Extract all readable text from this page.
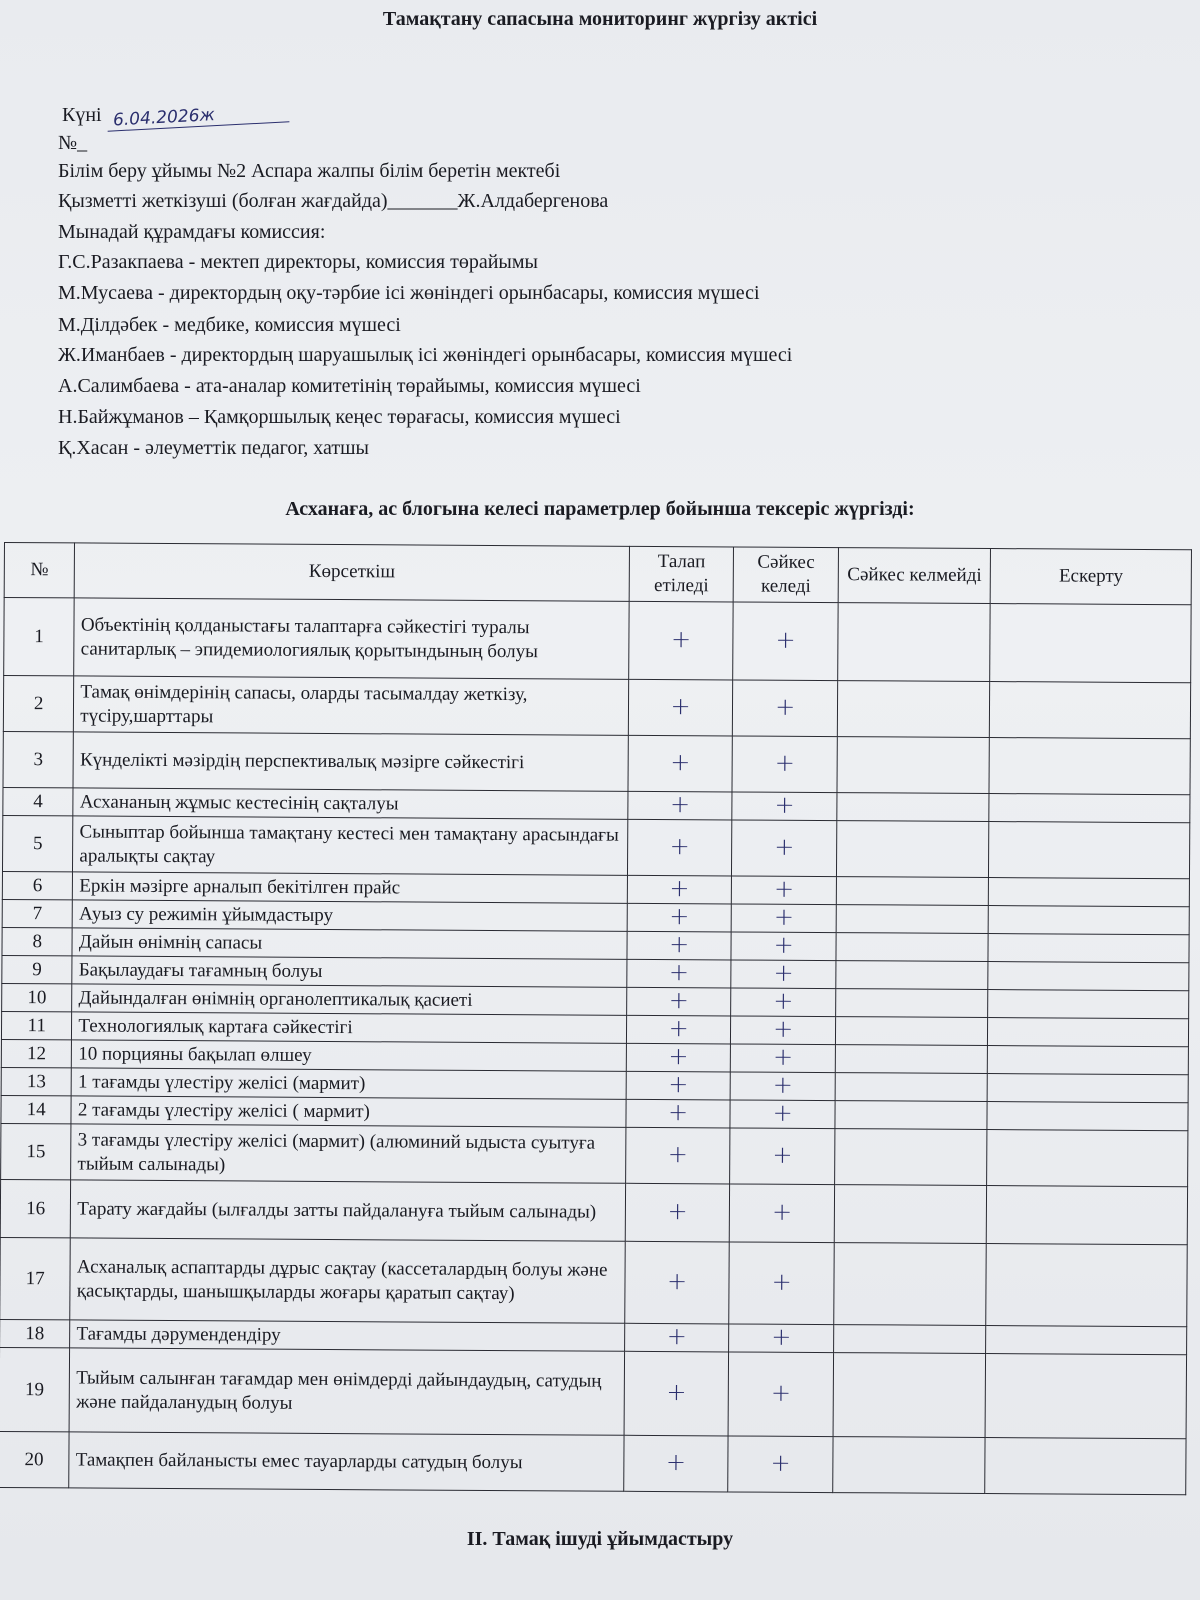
Тамақтану сапасына мониторинг жүргізу актісі
Күні 6.04.2026ж
№_
Білім беру ұйымы №2 Аспара жалпы білім беретін мектебі
Қызметті жеткізуші (болған жағдайда)_______Ж.Алдабергенова
Мынадай құрамдағы комиссия:
Г.С.Разакпаева - мектеп директоры, комиссия төрайымы
М.Мусаева - директордың оқу-тәрбие ісі жөніндегі орынбасары, комиссия мүшесі
М.Ділдәбек - медбике, комиссия мүшесі
Ж.Иманбаев - директордың шаруашылық ісі жөніндегі орынбасары, комиссия мүшесі
А.Салимбаева - ата-аналар комитетінің төрайымы, комиссия мүшесі
Н.Байжұманов – Қамқоршылық кеңес төрағасы, комиссия мүшесі
Қ.Хасан - әлеуметтік педагог, хатшы
Асханаға, ас блогына келесі параметрлер бойынша тексеріс жүргізді:
№	Көрсеткіш	Талап етіледі	Сәйкес келеді	Сәйкес келмейді	Ескерту
1	Объектінің қолданыстағы талаптарға сәйкестігі туралы санитарлық – эпидемиологиялық қорытындының болуы	+	+		
2	Тамақ өнімдерінің сапасы, оларды тасымалдау жеткізу, түсіру,шарттары	+	+		
3	Күнделікті мәзірдің перспективалық мәзірге сәйкестігі	+	+		
4	Асхананың жұмыс кестесінің сақталуы	+	+		
5	Сыныптар бойынша тамақтану кестесі мен тамақтану арасындағы аралықты сақтау	+	+		
6	Еркін мәзірге арналып бекітілген прайс	+	+		
7	Ауыз су режимін ұйымдастыру	+	+		
8	Дайын өнімнің сапасы	+	+		
9	Бақылаудағы тағамның болуы	+	+		
10	Дайындалған өнімнің органолептикалық қасиеті	+	+		
11	Технологиялық картаға сәйкестігі	+	+		
12	10 порцияны бақылап өлшеу	+	+		
13	1 тағамды үлестіру желісі (мармит)	+	+		
14	2 тағамды үлестіру желісі ( мармит)	+	+		
15	3 тағамды үлестіру желісі (мармит) (алюминий ыдыста суытуға тыйым салынады)	+	+		
16	Тарату жағдайы (ылғалды затты пайдалануға тыйым салынады)	+	+		
17	Асханалық аспаптарды дұрыс сақтау (кассеталардың болуы және қасықтарды, шанышқыларды жоғары қаратып сақтау)	+	+		
18	Тағамды дәрумендендіру	+	+		
19	Тыйым салынған тағамдар мен өнімдерді дайындаудың, сатудың және пайдаланудың болуы	+	+		
20	Тамақпен байланысты емес тауарларды сатудың болуы	+	+		
II. Тамақ ішуді ұйымдастыру
